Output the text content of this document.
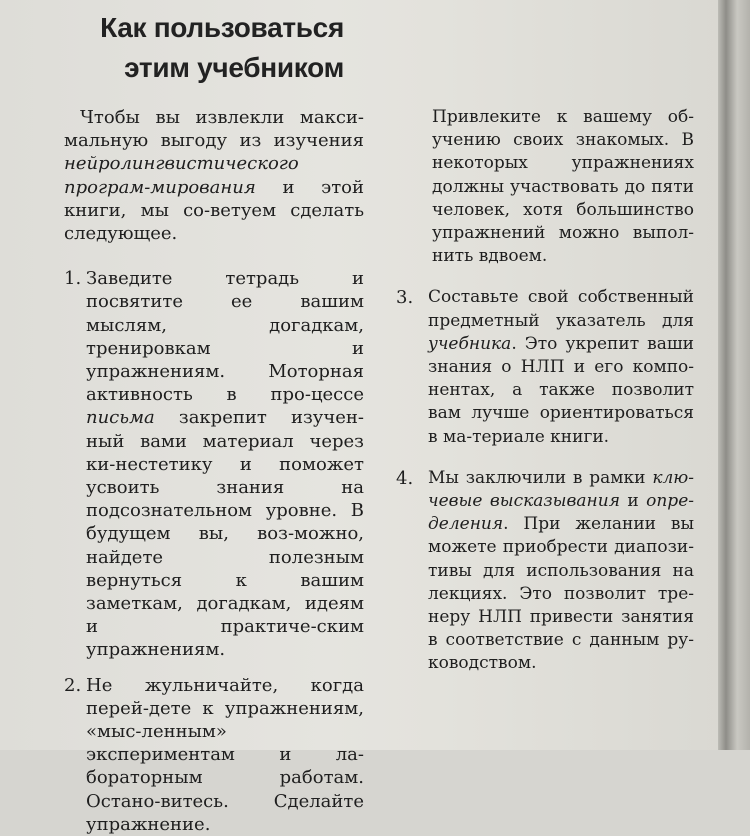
Как пользоваться
этим учебником

Чтобы вы извлекли макси-мальную выгоду из изучения нейролингвистического програм-мирования и этой книги, мы со-ветуем сделать следующее.

1. Заведите тетрадь и посвятите ее вашим мыслям, догадкам, тренировкам и упражнениям. Моторная активность в про-цессе письма закрепит изучен-ный вами материал через ки-нестетику и поможет усвоить знания на подсознательном уровне. В будущем вы, воз-можно, найдете полезным вернуться к вашим заметкам, догадкам, идеям и практиче-ским упражнениям.

2. Не жульничайте, когда перей-дете к упражнениям, «мыс-ленным» экспериментам и ла-бораторным работам. Остано-витесь. Сделайте упражнение.

Привлеките к вашему об-учению своих знакомых. В некоторых упражнениях должны участвовать до пяти человек, хотя большинство упражнений можно выпол-нить вдвоем.

3. Составьте свой собственный предметный указатель для учебника. Это укрепит ваши знания о НЛП и его компо-нентах, а также позволит вам лучше ориентироваться в ма-териале книги.

4. Мы заключили в рамки клю-чевые высказывания и опре-деления. При желании вы можете приобрести диапози-тивы для использования на лекциях. Это позволит тре-неру НЛП привести занятия в соответствие с данным ру-ководством.
